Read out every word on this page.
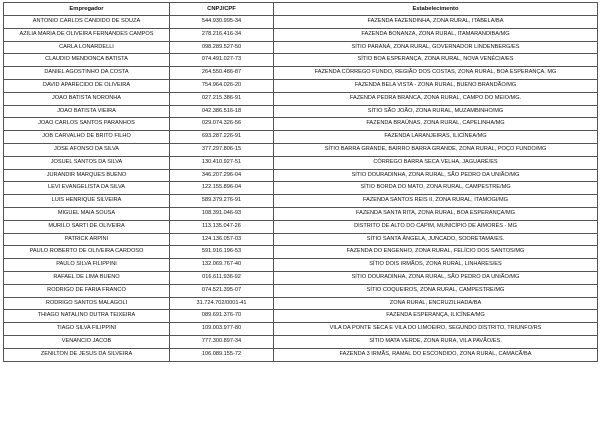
Empregador	CNPJ/CPF	Estabelecimento
ANTONIO CARLOS CANDIDO DE SOUZA	544.930.995-34	FAZENDA FAZENDINHA, ZONA RURAL, ITABELA/BA
AZILIA MARIA DE OLIVEIRA FERNANDES CAMPOS	278.216.416-34	FAZENDA BONANZA, ZONA RURAL, ITAMARANDIBA/MG
CARLA LONARDELLI	098.289.527-50	SÍTIO PARANÁ, ZONA RURAL, GOVERNADOR LINDENBERG/ES
CLAUDIO MENDONCA BATISTA	074.491.027-73	SÍTIO BOA ESPERANÇA, ZONA RURAL, NOVA VENÉCIA/ES
DANIEL AGOSTINHO DA COSTA	264.550.486-87	FAZENDA CÓRREGO FUNDO, REGIÃO DOS COSTAS, ZONA RURAL, BOA ESPERANÇA, MG
DAVID APARECIDO DE OLIVEIRA	754.964.026-20	FAZENDA BELA VISTA - ZONA RURAL, BUENO BRANDÃO/MG
JOAO BATISTA NORONHA	027.215.386-91	FAZENDA PEDRA BRANCA, ZONA RURAL, CAMPO DO MEIO/MG.
JOAO BATISTA VIEIRA	042.386.516-18	SÍTIO SÃO JOÃO, ZONA RURAL, MUZAMBINHO/MG
JOAO CARLOS SANTOS PARANHOS	029.074.326-56	FAZENDA BRAÚNAS, ZONA RURAL, CAPELINHA/MG
JOB CARVALHO DE BRITO FILHO	693.287.226-91	FAZENDA LARANJEIRAS, ILICÍNEA/MG
JOSE AFONSO DA SILVA	377.297.806-15	SÍTIO BARRA GRANDE, BAIRRO BARRA GRANDE, ZONA RURAL, POÇO FUNDO/MG
JOSUEL SANTOS DA SILVA	130.410.927-51	CÓRREGO BARRA SECA VELHA, JAGUARÉ/ES
JURANDIR MARQUES BUENO	346.207.296-04	SÍTIO DOURADINHA, ZONA RURAL, SÃO PEDRO DA UNIÃO/MG
LEVI EVANGELISTA DA SILVA	122.155.896-04	SÍTIO BORDA DO MATO, ZONA RURAL, CAMPESTRE/MG
LUIS HENRIQUE SILVEIRA	589.379.276-91	FAZENDA SANTOS REIS II, ZONA RURAL, ITAMOGI/MG
MIGUEL MAIA SOUSA	108.391.046-93	FAZENDA SANTA RITA, ZONA RURAL, BOA ESPERANÇA/MG
MURILO SARTI DE OLIVEIRA	113.135.047-26	DISTRITO DE ALTO DO CAPIM, MUNICÍPIO DE AIMORÉS - MG
PATRICK ARPINI	124.136.057-03	SÍTIO SANTA ÂNGELA, JUNCADO, SOORETAMA/ES.
PAULO ROBERTO DE OLIVEIRA CARDOSO	591.916.196-53	FAZENDA DO ENGENHO, ZONA RURAL, FELÍCIO DOS SANTOS/MG
PAULO SILVA FILIPPINI	132.069.767-40	SÍTIO DOIS IRMÃOS, ZONA RURAL, LINHARES/ES
RAFAEL DE LIMA BUENO	016.611.936-92	SÍTIO DOURADINHA, ZONA RURAL, SÃO PEDRO DA UNIÃO/MG
RODRIGO DE FARIA FRANCO	074.521.395-07	SÍTIO COQUEIROS, ZONA RURAL, CAMPESTRE/MG
RODRIGO SANTOS MALAGOLI	31.724.702/0001-41	ZONA RURAL, ENCRUZILHADA/BA
THIAGO NATALINO DUTRA TEIXEIRA	089.691.376-70	FAZENDA ESPERANÇA, ILICÍNEA/MG
TIAGO SILVA FILIPPINI	109.003.977-80	VILA DA PONTE SECA E VILA DO LIMOEIRO, SEGUNDO DISTRITO, TRIUNFO/RS
VENANCIO JACOB	777.300.897-34	SÍTIO MATA VERDE, ZONA RURA, VILA PAVÃO/ES.
ZENILTON DE JESUS DA SILVEIRA	106.089.155-72	FAZENDA 3 IRMÃS, RAMAL DO ESCONDIDO, ZONA RURAL, CAMACÃ/BA
